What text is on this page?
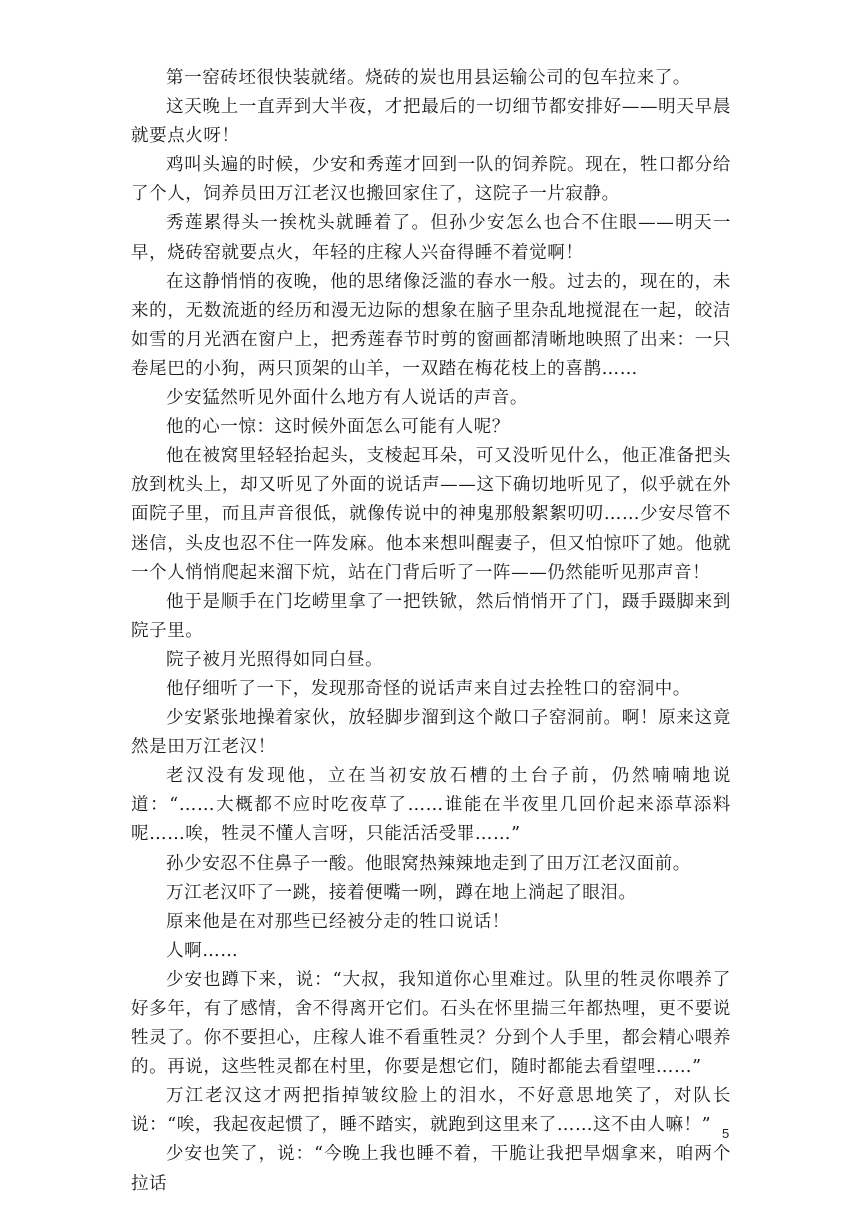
第一窑砖坯很快装就绪。烧砖的炭也用县运输公司的包车拉来了。

这天晚上一直弄到大半夜，才把最后的一切细节都安排好——明天早晨就要点火呀！

鸡叫头遍的时候，少安和秀莲才回到一队的饲养院。现在，牲口都分给了个人，饲养员田万江老汉也搬回家住了，这院子一片寂静。

秀莲累得头一挨枕头就睡着了。但孙少安怎么也合不住眼——明天一早，烧砖窑就要点火，年轻的庄稼人兴奋得睡不着觉啊！

在这静悄悄的夜晚，他的思绪像泛滥的春水一般。过去的，现在的，未来的，无数流逝的经历和漫无边际的想象在脑子里杂乱地搅混在一起，皎洁如雪的月光洒在窗户上，把秀莲春节时剪的窗画都清晰地映照了出来：一只卷尾巴的小狗，两只顶架的山羊，一双踏在梅花枝上的喜鹊……

少安猛然听见外面什么地方有人说话的声音。

他的心一惊：这时候外面怎么可能有人呢？

他在被窝里轻轻抬起头，支棱起耳朵，可又没听见什么，他正准备把头放到枕头上，却又听见了外面的说话声——这下确切地听见了，似乎就在外面院子里，而且声音很低，就像传说中的神鬼那般絮絮叨叨……少安尽管不迷信，头皮也忍不住一阵发麻。他本来想叫醒妻子，但又怕惊吓了她。他就一个人悄悄爬起来溜下炕，站在门背后听了一阵——仍然能听见那声音！

他于是顺手在门圪崂里拿了一把铁锨，然后悄悄开了门，蹑手蹑脚来到院子里。

院子被月光照得如同白昼。

他仔细听了一下，发现那奇怪的说话声来自过去拴牲口的窑洞中。

少安紧张地操着家伙，放轻脚步溜到这个敞口子窑洞前。啊！原来这竟然是田万江老汉！

老汉没有发现他，立在当初安放石槽的土台子前，仍然喃喃地说道：“……大概都不应时吃夜草了……谁能在半夜里几回价起来添草添料呢……唉，牲灵不懂人言呀，只能活活受罪……”

孙少安忍不住鼻子一酸。他眼窝热辣辣地走到了田万江老汉面前。

万江老汉吓了一跳，接着便嘴一咧，蹲在地上淌起了眼泪。

原来他是在对那些已经被分走的牲口说话！

人啊……

少安也蹲下来，说：“大叔，我知道你心里难过。队里的牲灵你喂养了好多年，有了感情，舍不得离开它们。石头在怀里揣三年都热哩，更不要说牲灵了。你不要担心，庄稼人谁不看重牲灵？分到个人手里，都会精心喂养的。再说，这些牲灵都在村里，你要是想它们，随时都能去看望哩……”

万江老汉这才两把指掉皱纹脸上的泪水，不好意思地笑了，对队长说：“唉，我起夜起惯了，睡不踏实，就跑到这里来了……这不由人嘛！”

少安也笑了，说：“今晚上我也睡不着，干脆让我把旱烟拿来，咱两个拉话

5
